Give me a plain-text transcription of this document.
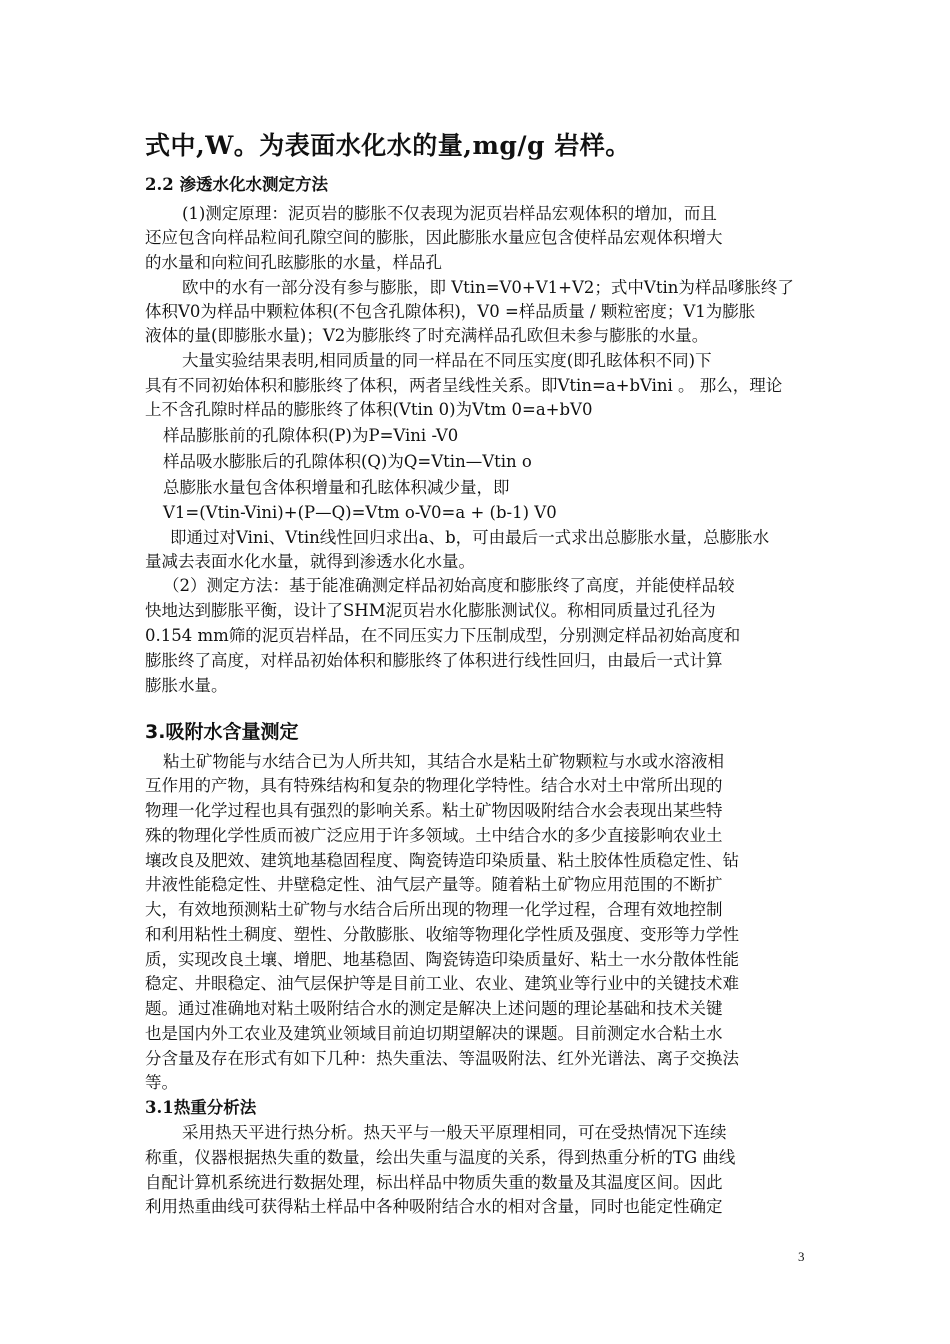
式中,W。为表面水化水的量,mg/g 岩样。
2.2 渗透水化水测定方法
(1)测定原理：泥页岩的膨胀不仅表现为泥页岩样品宏观体积的增加，而且
还应包含向样品粒间孔隙空间的膨胀，因此膨胀水量应包含使样品宏观体积增大
的水量和向粒间孔眩膨胀的水量，样品孔
欧中的水有一部分没有参与膨胀，即 Vtin=V0+V1+V2；式中Vtin为样品嗲胀终了
体积V0为样品中颗粒体积(不包含孔隙体积)，V0 =样品质量 / 颗粒密度；V1为膨胀
液体的量(即膨胀水量)；V2为膨胀终了时充满样品孔欧但未参与膨胀的水量。
大量实验结果表明,相同质量的同一样品在不同压实度(即孔眩体积不同)下
具有不同初始体积和膨胀终了体积，两者呈线性关系。即Vtin=a+bVini 。 那么，理论
上不含孔隙时样品的膨胀终了体积(Vtin 0)为Vtm 0=a+bV0
样品膨胀前的孔隙体积(P)为P=Vini -V0
样品吸水膨胀后的孔隙体积(Q)为Q=Vtin—Vtin o
总膨胀水量包含体积增量和孔眩体积减少量，即
V1=(Vtin-Vini)+(P—Q)=Vtm o-V0=a + (b-1) V0
即通过对Vini、Vtin线性回归求出a、b，可由最后一式求出总膨胀水量，总膨胀水
量减去表面水化水量，就得到渗透水化水量。
（2）测定方法：基于能准确测定样品初始高度和膨胀终了高度，并能使样品较
快地达到膨胀平衡，设计了SHM泥页岩水化膨胀测试仪。称相同质量过孔径为
0.154 mm筛的泥页岩样品，在不同压实力下压制成型，分别测定样品初始高度和
膨胀终了高度，对样品初始体积和膨胀终了体积进行线性回归，由最后一式计算
膨胀水量。
3.吸附水含量测定
粘土矿物能与水结合已为人所共知，其结合水是粘土矿物颗粒与水或水溶液相
互作用的产物，具有特殊结构和复杂的物理化学特性。结合水对土中常所出现的
物理一化学过程也具有强烈的影响关系。粘土矿物因吸附结合水会表现出某些特
殊的物理化学性质而被广泛应用于许多领域。土中结合水的多少直接影响农业土
壤改良及肥效、建筑地基稳固程度、陶瓷铸造印染质量、粘土胶体性质稳定性、钻
井液性能稳定性、井壁稳定性、油气层产量等。随着粘土矿物应用范围的不断扩
大，有效地预测粘土矿物与水结合后所出现的物理一化学过程，合理有效地控制
和利用粘性土稠度、塑性、分散膨胀、收缩等物理化学性质及强度、变形等力学性
质，实现改良土壤、增肥、地基稳固、陶瓷铸造印染质量好、粘土一水分散体性能
稳定、井眼稳定、油气层保护等是目前工业、农业、建筑业等行业中的关键技术难
题。通过准确地对粘土吸附结合水的测定是解决上述问题的理论基础和技术关键
也是国内外工农业及建筑业领域目前迫切期望解决的课题。目前测定水合粘土水
分含量及存在形式有如下几种：热失重法、等温吸附法、红外光谱法、离子交换法
等。
3.1热重分析法
采用热天平进行热分析。热天平与一般天平原理相同，可在受热情况下连续
称重，仪器根据热失重的数量，绘出失重与温度的关系，得到热重分析的TG 曲线
自配计算机系统进行数据处理，标出样品中物质失重的数量及其温度区间。因此
利用热重曲线可获得粘土样品中各种吸附结合水的相对含量，同时也能定性确定
3
